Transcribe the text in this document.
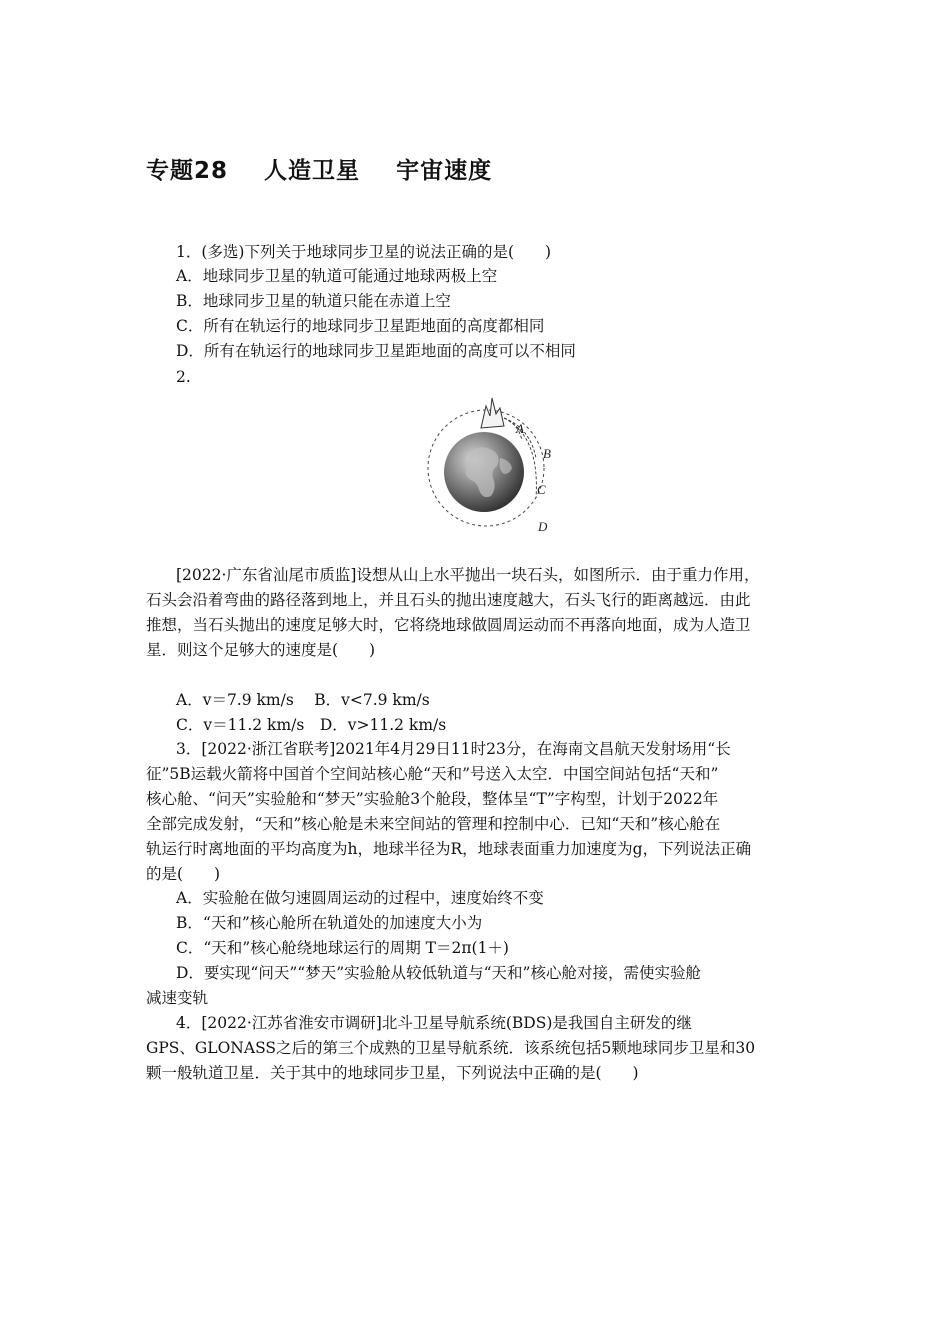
专题28    人造卫星    宇宙速度
1．(多选)下列关于地球同步卫星的说法正确的是(　　)
A．地球同步卫星的轨道可能通过地球两极上空
B．地球同步卫星的轨道只能在赤道上空
C．所有在轨运行的地球同步卫星距地面的高度都相同
D．所有在轨运行的地球同步卫星距地面的高度可以不相同
2.
A
B
C
D
[2022·广东省汕尾市质监]设想从山上水平抛出一块石头，如图所示．由于重力作用，
石头会沿着弯曲的路径落到地上，并且石头的抛出速度越大，石头飞行的距离越远．由此
推想，当石头抛出的速度足够大时，它将绕地球做圆周运动而不再落向地面，成为人造卫
星．则这个足够大的速度是(　　)
A．v＝7.9 km/s　 B．v<7.9 km/s
C．v＝11.2 km/s　D．v>11.2 km/s
3．[2022·浙江省联考]2021年4月29日11时23分，在海南文昌航天发射场用“长
征”5B运载火箭将中国首个空间站核心舱“天和”号送入太空．中国空间站包括“天和”
核心舱、“问天”实验舱和“梦天”实验舱3个舱段，整体呈“T”字构型，计划于2022年
全部完成发射，“天和”核心舱是未来空间站的管理和控制中心．已知“天和”核心舱在
轨运行时离地面的平均高度为h，地球半径为R，地球表面重力加速度为g，下列说法正确
的是(　　)
A．实验舱在做匀速圆周运动的过程中，速度始终不变
B．“天和”核心舱所在轨道处的加速度大小为
C．“天和”核心舱绕地球运行的周期 T＝2π(1＋)
D．要实现“问天”“梦天”实验舱从较低轨道与“天和”核心舱对接，需使实验舱
减速变轨
4．[2022·江苏省淮安市调研]北斗卫星导航系统(BDS)是我国自主研发的继
GPS、GLONASS之后的第三个成熟的卫星导航系统．该系统包括5颗地球同步卫星和30
颗一般轨道卫星．关于其中的地球同步卫星，下列说法中正确的是(　　)
